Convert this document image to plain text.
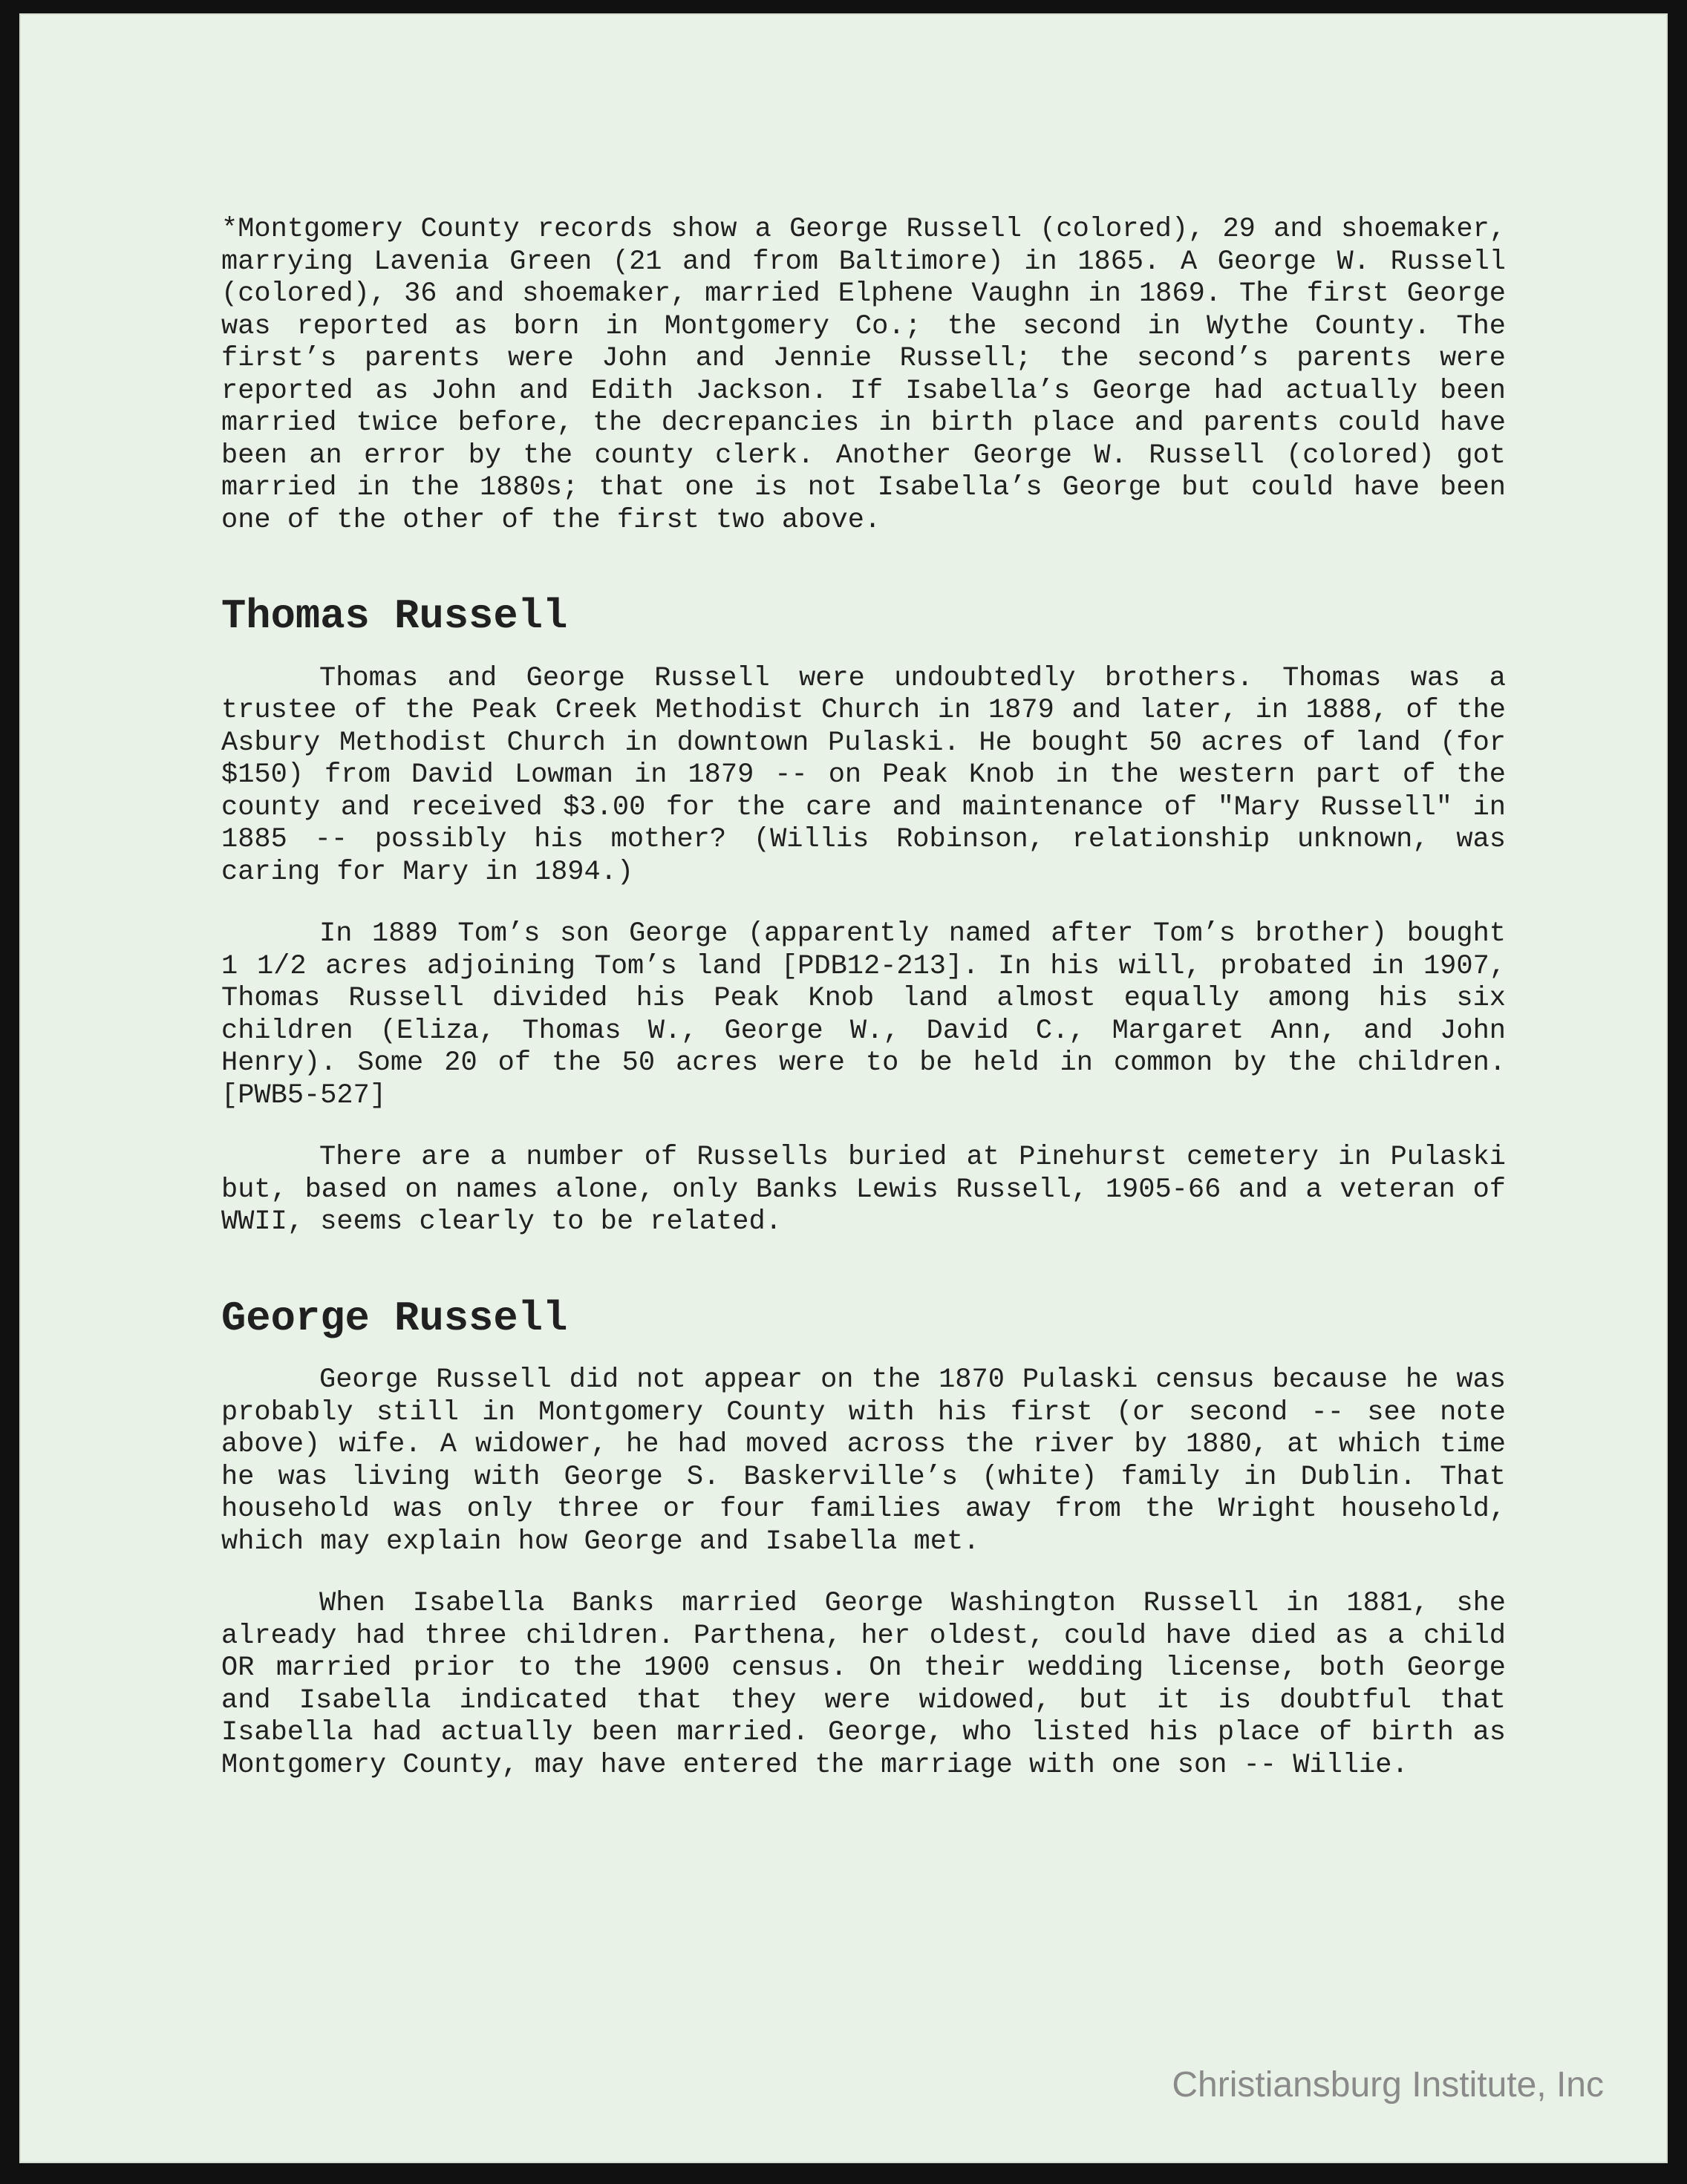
*Montgomery County records show a George Russell (colored), 29 and shoemaker, marrying Lavenia Green (21 and from Baltimore) in 1865. A George W. Russell (colored), 36 and shoemaker, married Elphene Vaughn in 1869. The first George was reported as born in Montgomery Co.; the second in Wythe County. The first’s parents were John and Jennie Russell; the second’s parents were reported as John and Edith Jackson. If Isabella’s George had actually been married twice before, the decrepancies in birth place and parents could have been an error by the county clerk. Another George W. Russell (colored) got married in the 1880s; that one is not Isabella’s George but could have been one of the other of the first two above.

Thomas Russell

Thomas and George Russell were undoubtedly brothers. Thomas was a trustee of the Peak Creek Methodist Church in 1879 and later, in 1888, of the Asbury Methodist Church in downtown Pulaski. He bought 50 acres of land (for $150) from David Lowman in 1879 -- on Peak Knob in the western part of the county and received $3.00 for the care and maintenance of "Mary Russell" in 1885 -- possibly his mother? (Willis Robinson, relationship unknown, was caring for Mary in 1894.)

In 1889 Tom’s son George (apparently named after Tom’s brother) bought 1 1/2 acres adjoining Tom’s land [PDB12-213]. In his will, probated in 1907, Thomas Russell divided his Peak Knob land almost equally among his six children (Eliza, Thomas W., George W., David C., Margaret Ann, and John Henry). Some 20 of the 50 acres were to be held in common by the children. [PWB5-527]

There are a number of Russells buried at Pinehurst cemetery in Pulaski but, based on names alone, only Banks Lewis Russell, 1905-66 and a veteran of WWII, seems clearly to be related.

George Russell

George Russell did not appear on the 1870 Pulaski census because he was probably still in Montgomery County with his first (or second -- see note above) wife. A widower, he had moved across the river by 1880, at which time he was living with George S. Baskerville’s (white) family in Dublin. That household was only three or four families away from the Wright household, which may explain how George and Isabella met.

When Isabella Banks married George Washington Russell in 1881, she already had three children. Parthena, her oldest, could have died as a child OR married prior to the 1900 census. On their wedding license, both George and Isabella indicated that they were widowed, but it is doubtful that Isabella had actually been married. George, who listed his place of birth as Montgomery County, may have entered the marriage with one son -- Willie.

Christiansburg Institute, Inc
